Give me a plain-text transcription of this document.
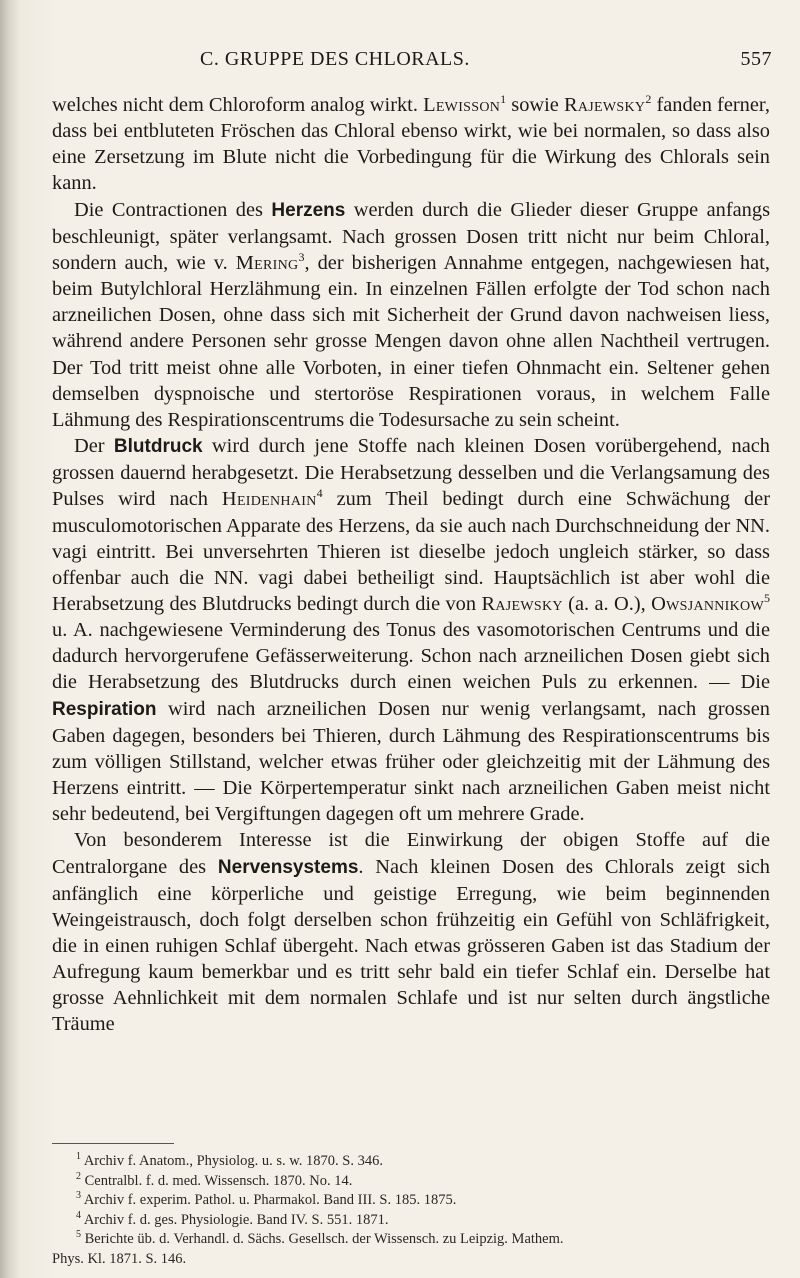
C. GRUPPE DES CHLORALS.	557

welches nicht dem Chloroform analog wirkt. Lewisson$^1$ sowie Rajewsky$^2$ fanden ferner, dass bei entbluteten Fröschen das Chloral ebenso wirkt, wie bei normalen, so dass also eine Zersetzung im Blute nicht die Vorbedingung für die Wirkung des Chlorals sein kann.

Die Contractionen des Herzens werden durch die Glieder dieser Gruppe anfangs beschleunigt, später verlangsamt. Nach grossen Dosen tritt nicht nur beim Chloral, sondern auch, wie v. Mering$^3$, der bisherigen Annahme entgegen, nachgewiesen hat, beim Butylchloral Herzlähmung ein. In einzelnen Fällen erfolgte der Tod schon nach arzneilichen Dosen, ohne dass sich mit Sicherheit der Grund davon nachweisen liess, während andere Personen sehr grosse Mengen davon ohne allen Nachtheil vertrugen. Der Tod tritt meist ohne alle Vorboten, in einer tiefen Ohnmacht ein. Seltener gehen demselben dyspnoische und stertoröse Respirationen voraus, in welchem Falle Lähmung des Respirationscentrums die Todesursache zu sein scheint.

Der Blutdruck wird durch jene Stoffe nach kleinen Dosen vorübergehend, nach grossen dauernd herabgesetzt. Die Herabsetzung desselben und die Verlangsamung des Pulses wird nach Heidenhain$^4$ zum Theil bedingt durch eine Schwächung der musculomotorischen Apparate des Herzens, da sie auch nach Durchschneidung der NN. vagi eintritt. Bei unversehrten Thieren ist dieselbe jedoch ungleich stärker, so dass offenbar auch die NN. vagi dabei betheiligt sind. Hauptsächlich ist aber wohl die Herabsetzung des Blutdrucks bedingt durch die von Rajewsky (a. a. O.), Owsjannikow$^5$ u. A. nachgewiesene Verminderung des Tonus des vasomotorischen Centrums und die dadurch hervorgerufene Gefässerweiterung. Schon nach arzneilichen Dosen giebt sich die Herabsetzung des Blutdrucks durch einen weichen Puls zu erkennen. — Die Respiration wird nach arzneilichen Dosen nur wenig verlangsamt, nach grossen Gaben dagegen, besonders bei Thieren, durch Lähmung des Respirationscentrums bis zum völligen Stillstand, welcher etwas früher oder gleichzeitig mit der Lähmung des Herzens eintritt. — Die Körpertemperatur sinkt nach arzneilichen Gaben meist nicht sehr bedeutend, bei Vergiftungen dagegen oft um mehrere Grade.

Von besonderem Interesse ist die Einwirkung der obigen Stoffe auf die Centralorgane des Nervensystems. Nach kleinen Dosen des Chlorals zeigt sich anfänglich eine körperliche und geistige Erregung, wie beim beginnenden Weingeistrausch, doch folgt derselben schon frühzeitig ein Gefühl von Schläfrigkeit, die in einen ruhigen Schlaf übergeht. Nach etwas grösseren Gaben ist das Stadium der Aufregung kaum bemerkbar und es tritt sehr bald ein tiefer Schlaf ein. Derselbe hat grosse Aehnlichkeit mit dem normalen Schlafe und ist nur selten durch ängstliche Träume

$^1$ Archiv f. Anatom., Physiolog. u. s. w. 1870. S. 346.
$^2$ Centralbl. f. d. med. Wissensch. 1870. No. 14.
$^3$ Archiv f. experim. Pathol. u. Pharmakol. Band III. S. 185. 1875.
$^4$ Archiv f. d. ges. Physiologie. Band IV. S. 551. 1871.
$^5$ Berichte üb. d. Verhandl. d. Sächs. Gesellsch. der Wissensch. zu Leipzig. Mathem.
Phys. Kl. 1871. S. 146.
